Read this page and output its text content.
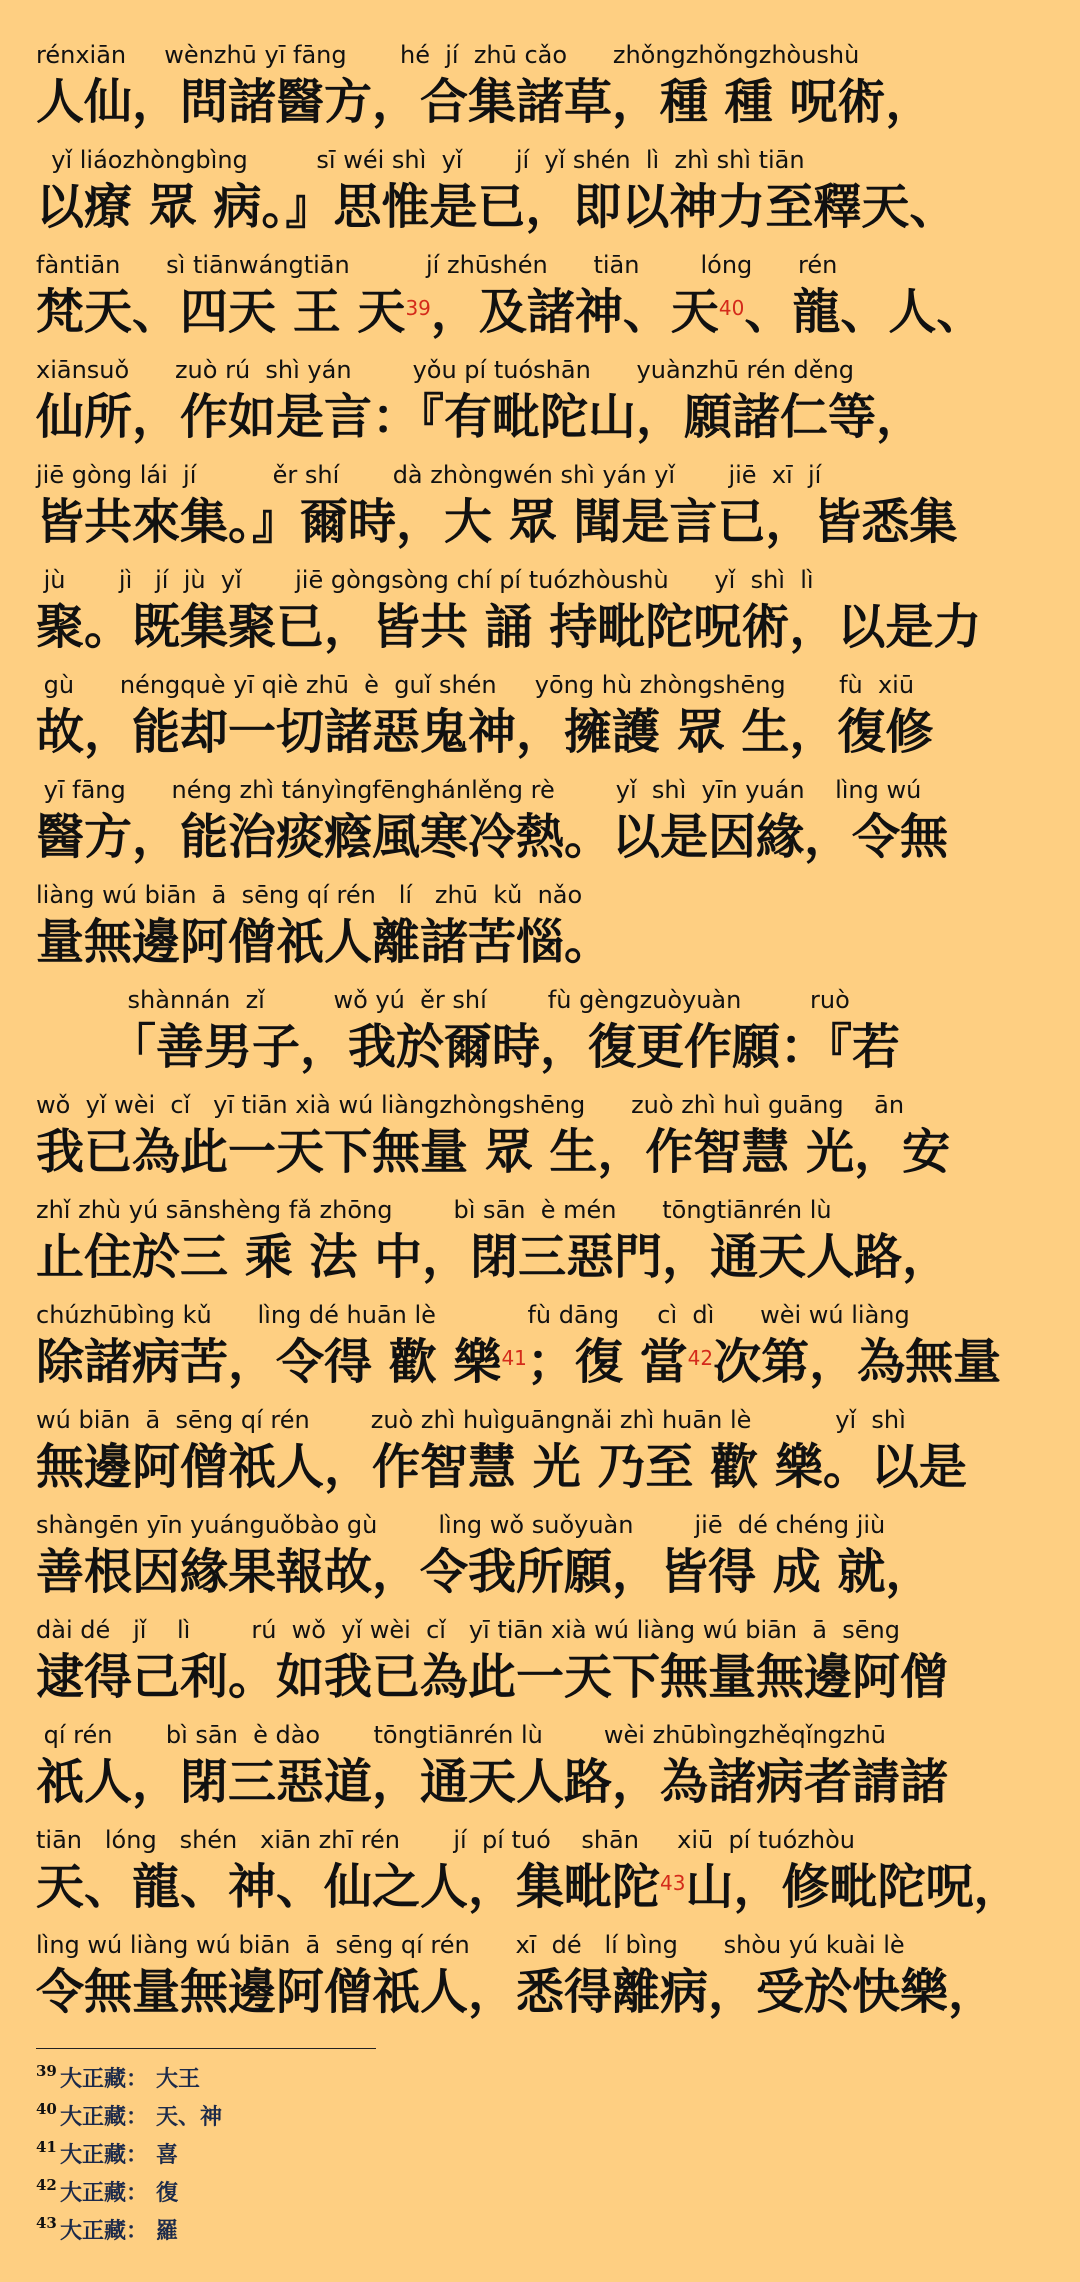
rénxiān     wènzhū yī fāng       hé  jí  zhū cǎo      zhǒngzhǒngzhòushù
人仙，問諸醫方，合集諸草，種 種 呪術，
yǐ liáozhòngbìng         sī wéi shì  yǐ       jí  yǐ shén  lì  zhì shì tiān
以療 眾 病。』思惟是已，即以神力至釋天、
fàntiān      sì tiānwángtiān          jí zhūshén      tiān        lóng      rén
梵天、四天 王 天$^{39}$，及諸神、天$^{40}$、龍、人、
xiānsuǒ      zuò rú  shì yán        yǒu pí tuóshān      yuànzhū rén děng
仙所，作如是言：『有毗陀山，願諸仁等，
jiē gòng lái  jí          ěr shí       dà zhòngwén shì yán yǐ       jiē  xī  jí
皆共來集。』爾時，大 眾 聞是言已，皆悉集
jù       jì   jí  jù  yǐ       jiē gòngsòng chí pí tuózhòushù      yǐ  shì  lì
聚。既集聚已，皆共 誦 持毗陀呪術，以是力
gù      néngquè yī qiè zhū  è  guǐ shén     yōng hù zhòngshēng       fù  xiū
故，能却一切諸惡鬼神，擁護 眾 生，復修
yī fāng      néng zhì tányìngfēnghánlěng rè        yǐ  shì  yīn yuán    lìng wú
醫方，能治痰癊風寒冷熱。以是因緣，令無
liàng wú biān  ā  sēng qí rén   lí   zhū  kǔ  nǎo
量無邊阿僧祇人離諸苦惱。
shànnán  zǐ         wǒ yú  ěr shí        fù gèngzuòyuàn         ruò
　　「善男子，我於爾時，復更作願：『若
wǒ  yǐ wèi  cǐ   yī tiān xià wú liàngzhòngshēng      zuò zhì huì guāng    ān
我已為此一天下無量 眾 生，作智慧 光，安
zhǐ zhù yú sānshèng fǎ zhōng        bì sān  è mén      tōngtiānrén lù
止住於三 乘 法 中，閉三惡門，通天人路，
chúzhūbìng kǔ      lìng dé huān lè            fù dāng     cì  dì      wèi wú liàng
除諸病苦，令得 歡 樂$^{41}$；復 當$^{42}$次第，為無量
wú biān  ā  sēng qí rén        zuò zhì huìguāngnǎi zhì huān lè           yǐ  shì
無邊阿僧祇人，作智慧 光 乃至 歡 樂。以是
shàngēn yīn yuánguǒbào gù        lìng wǒ suǒyuàn        jiē  dé chéng jiù
善根因緣果報故，令我所願，皆得 成 就，
dài dé   jǐ    lì        rú  wǒ  yǐ wèi  cǐ   yī tiān xià wú liàng wú biān  ā  sēng
逮得己利。如我已為此一天下無量無邊阿僧
qí rén       bì sān  è dào       tōngtiānrén lù        wèi zhūbìngzhěqǐngzhū
祇人，閉三惡道，通天人路，為諸病者請諸
tiān   lóng   shén   xiān zhī rén       jí  pí tuó    shān     xiū  pí tuózhòu
天、龍、神、仙之人，集毗陀$^{43}$山，修毗陀呪，
lìng wú liàng wú biān  ā  sēng qí rén      xī  dé   lí bìng      shòu yú kuài lè
令無量無邊阿僧祇人，悉得離病，受於快樂，
39 大正藏： 大王
40 大正藏： 天、神
41 大正藏： 喜
42 大正藏： 復
43 大正藏： 羅
